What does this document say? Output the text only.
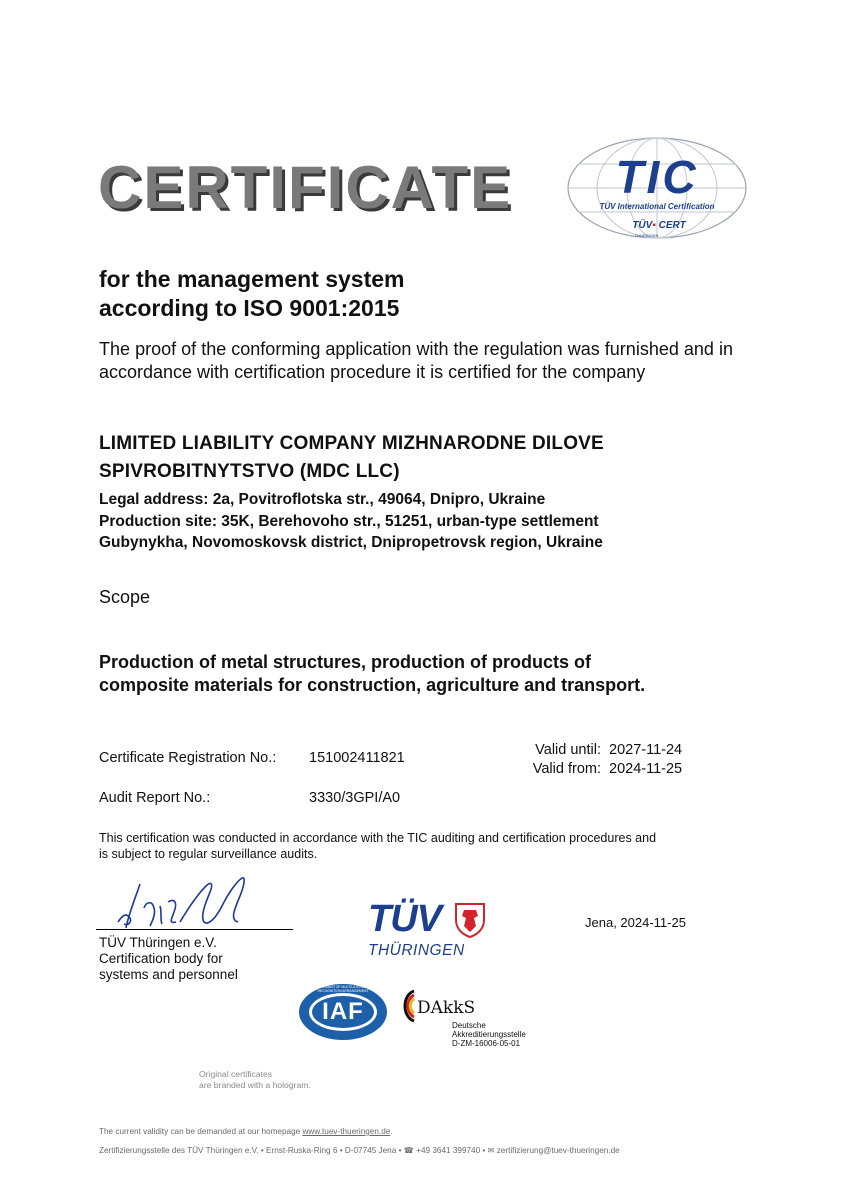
CERTIFICATE	TIC
TÜV International Certification
TÜV▪ CERT
THÜRINGEN
for the management system
according to ISO 9001:2015
The proof of the conforming application with the regulation was furnished and in accordance with certification procedure it is certified for the company
LIMITED LIABILITY COMPANY MIZHNARODNE DILOVE
SPIVROBITNYTSTVO (MDC LLC)
Legal address: 2a, Povitroflotska str., 49064, Dnipro, Ukraine
Production site: 35K, Berehovoho str., 51251, urban-type settlement
Gubynykha, Novomoskovsk district, Dnipropetrovsk region, Ukraine
Scope
Production of metal structures, production of products of
composite materials for construction, agriculture and transport.
Certificate Registration No.: 151002411821	Valid until: 2027-11-24
Valid from: 2024-11-25
Audit Report No.:	3330/3GPI/A0
This certification was conducted in accordance with the TIC auditing and certification procedures and
is subject to regular surveillance audits.
TÜV Thüringen e.V.
Certification body for
systems and personnel
TÜV
THÜRINGEN
Jena, 2024-11-25
IAF
MEMBER OF MULTILATERAL RECOGNITION ARRANGEMENT
DAkkS
Deutsche
Akkreditierungsstelle
D-ZM-16006-05-01
Original certificates
are branded with a hologram.
The current validity can be demanded at our homepage www.tuev-thueringen.de.
Zertifizierungsstelle des TÜV Thüringen e.V. • Ernst-Ruska-Ring 6 • D-07745 Jena • ☎ +49 3641 399740 • ✉ zertifizierung@tuev-thueringen.de
